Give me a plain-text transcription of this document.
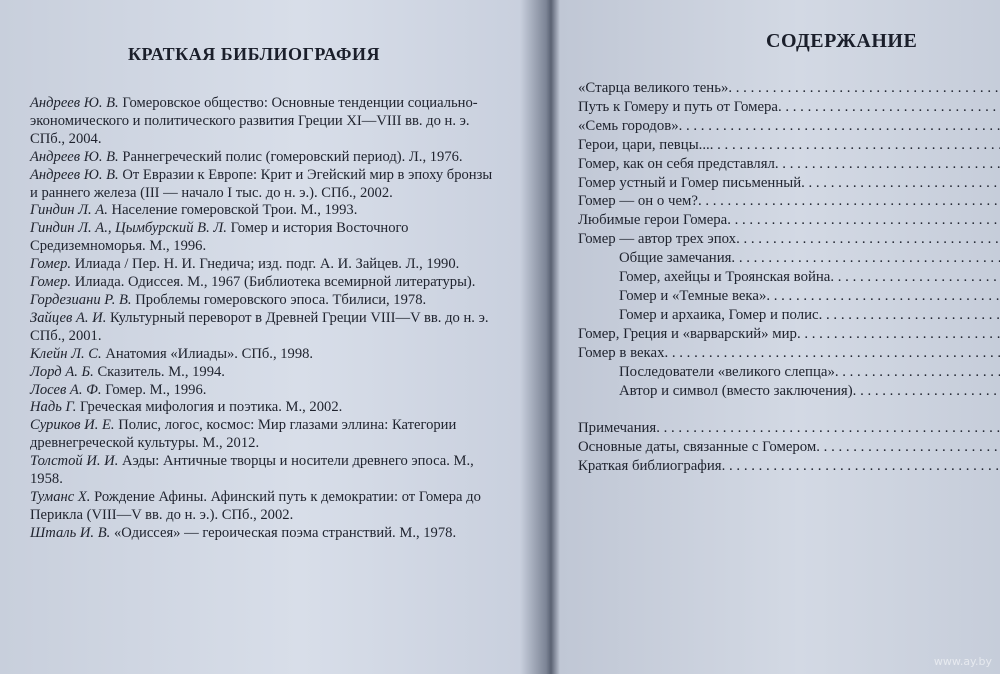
КРАТКАЯ БИБЛИОГРАФИЯ

Андреев Ю. В. Гомеровское общество: Основные тенденции социально-экономического и политического развития Греции XI—VIII вв. до н. э. СПб., 2004.

Андреев Ю. В. Раннегреческий полис (гомеровский период). Л., 1976.

Андреев Ю. В. От Евразии к Европе: Крит и Эгейский мир в эпоху бронзы и раннего железа (III — начало I тыс. до н. э.). СПб., 2002.

Гиндин Л. А. Население гомеровской Трои. М., 1993.

Гиндин Л. А., Цымбурский В. Л. Гомер и история Восточного Средиземноморья. М., 1996.

Гомер. Илиада / Пер. Н. И. Гнедича; изд. подг. А. И. Зайцев. Л., 1990.

Гомер. Илиада. Одиссея. М., 1967 (Библиотека всемирной литературы).

Гордезиани Р. В. Проблемы гомеровского эпоса. Тбилиси, 1978.

Зайцев А. И. Культурный переворот в Древней Греции VIII—V вв. до н. э. СПб., 2001.

Клейн Л. С. Анатомия «Илиады». СПб., 1998.

Лорд А. Б. Сказитель. М., 1994.

Лосев А. Ф. Гомер. М., 1996.

Надь Г. Греческая мифология и поэтика. М., 2002.

Суриков И. Е. Полис, логос, космос: Мир глазами эллина: Категории древнегреческой культуры. М., 2012.

Толстой И. И. Аэды: Античные творцы и носители древнего эпоса. М., 1958.

Туманс Х. Рождение Афины. Афинский путь к демократии: от Гомера до Перикла (VIII—V вв. до н. э.). СПб., 2002.

Шталь И. В. «Одиссея» — героическая поэма странствий. М., 1978.

«Старца великого тень»
. . .
Путь к Гомеру и путь от Гомера
. . .
«Семь городов»
. . .
Герои, цари, певцы...
. . .
Гомер, как он себя представлял
. . .
Гомер устный и Гомер письменный
. . .
Гомер — он о чем?
. . .
Любимые герои Гомера
. . .
Гомер — автор трех эпох
. . .
Общие замечания
. . .
Гомер, ахейцы и Троянская война
. . .
Гомер и «Темные века»
. . .
Гомер и архаика, Гомер и полис
. . .
Гомер, Греция и «варварский» мир
. . .
Гомер в веках
. . .
Последователи «великого слепца»
. . .
Автор и символ (вместо заключения)
. . .
Примечания
. . .
Основные даты, связанные с Гомером
. . .
Краткая библиография
. . .
СОДЕРЖАНИЕ
www.ay.by
